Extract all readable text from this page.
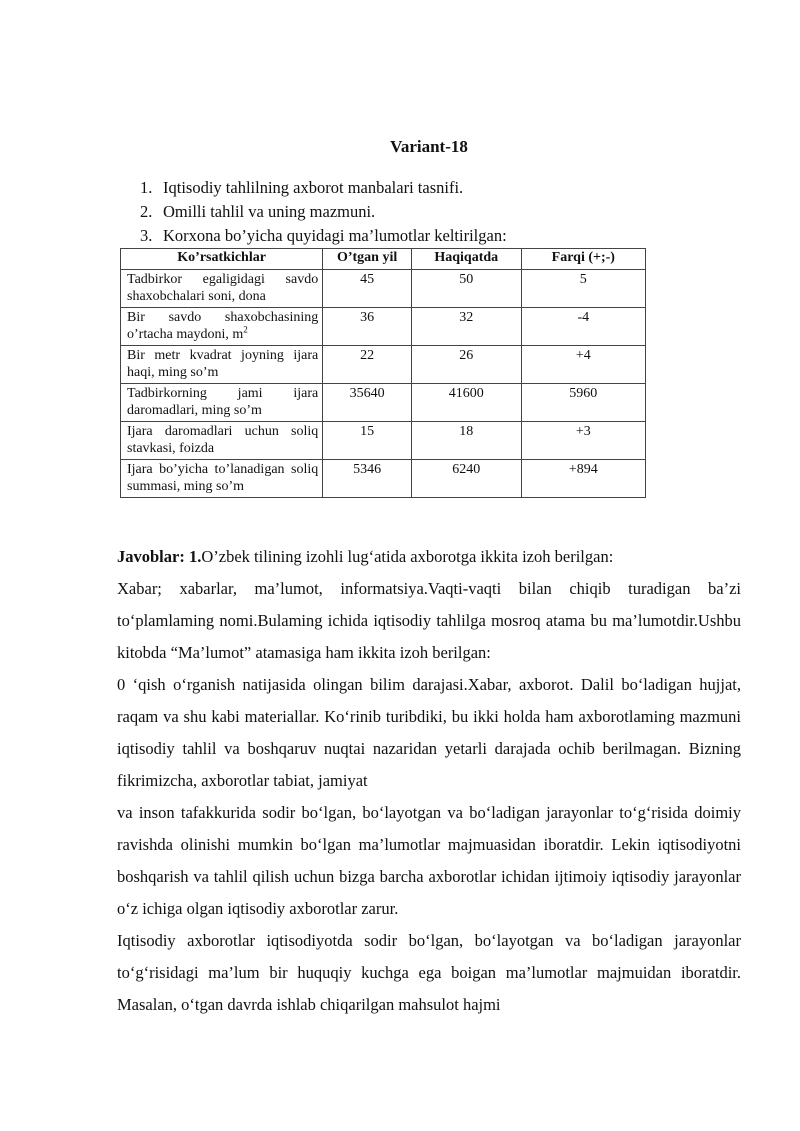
Variant-18
1. Iqtisodiy tahlilning axborot manbalari tasnifi.
2. Omilli tahlil va uning mazmuni.
3. Korxona bo’yicha quyidagi ma’lumotlar keltirilgan:
Ko’rsatkichlar	O’tgan yil	Haqiqatda	Farqi (+;-)
Tadbirkor egaligidagi savdo shaxobchalari soni, dona	45	50	5
Bir savdo shaxobchasining o’rtacha maydoni, $m^2$	36	32	-4
Bir metr kvadrat joyning ijara haqi, ming so’m	22	26	+4
Tadbirkorning jami ijara daromadlari, ming so’m	35640	41600	5960
Ijara daromadlari uchun soliq stavkasi, foizda	15	18	+3
Ijara bo’yicha to’lanadigan soliq summasi, ming so’m	5346	6240	+894

Javoblar: 1.O’zbek tilining izohli lug‘atida axborotga ikkita izoh berilgan:

Xabar; xabarlar, ma’lumot, informatsiya.Vaqti-vaqti bilan chiqib turadigan ba’zi to‘plamlaming nomi.Bulaming ichida iqtisodiy tahlilga mosroq atama bu ma’lumotdir.Ushbu kitobda “Ma’lumot” atamasiga ham ikkita izoh berilgan:

0 ‘qish o‘rganish natijasida olingan bilim darajasi.Xabar, axborot. Dalil bo‘ladigan hujjat, raqam va shu kabi materiallar. Ko‘rinib turibdiki, bu ikki holda ham axborotlaming mazmuni iqtisodiy tahlil va boshqaruv nuqtai nazaridan yetarli darajada ochib berilmagan. Bizning fikrimizcha, axborotlar tabiat, jamiyat

va inson tafakkurida sodir bo‘lgan, bo‘layotgan va bo‘ladigan jarayonlar to‘g‘risida doimiy ravishda olinishi mumkin bo‘lgan ma’lumotlar majmuasidan iboratdir. Lekin iqtisodiyotni boshqarish va tahlil qilish uchun bizga barcha axborotlar ichidan ijtimoiy iqtisodiy jarayonlar o‘z ichiga olgan iqtisodiy axborotlar zarur.

Iqtisodiy axborotlar iqtisodiyotda sodir bo‘lgan, bo‘layotgan va bo‘ladigan jarayonlar to‘g‘risidagi ma’lum bir huquqiy kuchga ega boigan ma’lumotlar majmuidan iboratdir. Masalan, o‘tgan davrda ishlab chiqarilgan mahsulot hajmi
